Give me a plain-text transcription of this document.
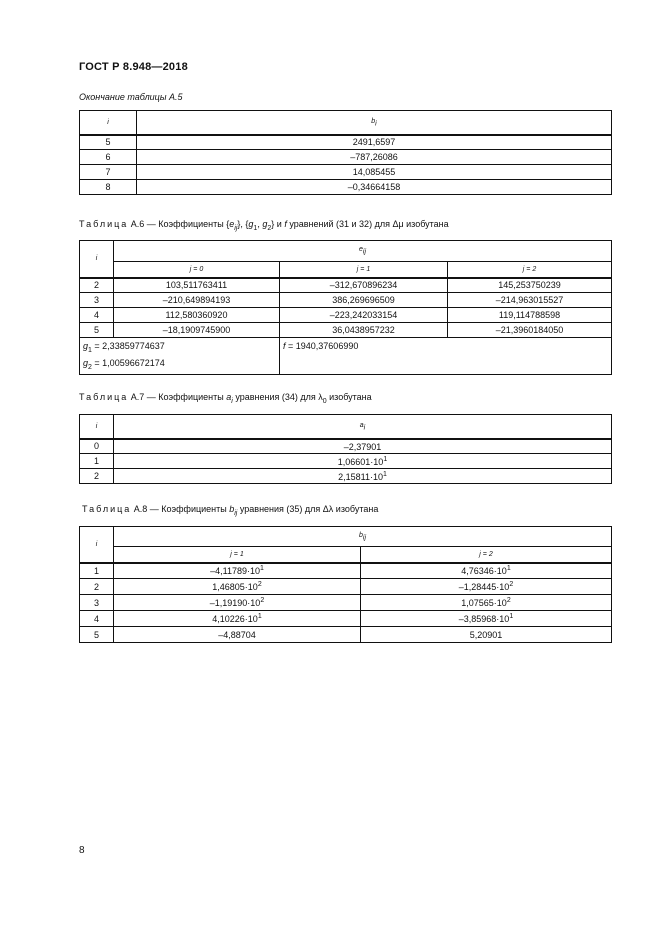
ГОСТ Р 8.948—2018
Окончание таблицы А.5
i	$b_i$
5	2491,6597
6	–787,26086
7	14,085455
8	–0,34664158
Таблица А.6 — Коэффициенты $\{e_{ij}\}$, {$g_1$, $g_2$} и f уравнений (31 и 32) для Δμ изобутана
i	$e_{ij}$
	j = 0	j = 1	j = 2
2	103,511763411	–312,670896234	145,253750239
3	–210,649894193	386,269696509	–214,963015527
4	112,580360920	–223,242033154	119,114788598
5	–18,1909745900	36,0438957232	–21,3960184050

$g_1 = 2,33859774637$
$g_2 = 1,00596672174$		f = 1940,37606990	
Таблица А.7 — Коэффициенты $a_i$ уравнения (34) для $\lambda_0$ изобутана
i	$a_i$
0	–2,37901
1	$1,06601\cdot 10^1$
2	$2,15811\cdot 10^1$
Таблица А.8 — Коэффициенты $b_{ij}$ уравнения (35) для Δλ изобутана
i	$b_{ij}$
	j = 1	j = 2
1	$-4,11789\cdot 10^1$	$4,76346\cdot 10^1$
2	$1,46805\cdot 10^2$	$-1,28445\cdot 10^2$
3	$-1,19190\cdot 10^2$	$1,07565\cdot 10^2$
4	$4,10226\cdot 10^1$	$-3,85968\cdot 10^1$
5	–4,88704	5,20901
8
